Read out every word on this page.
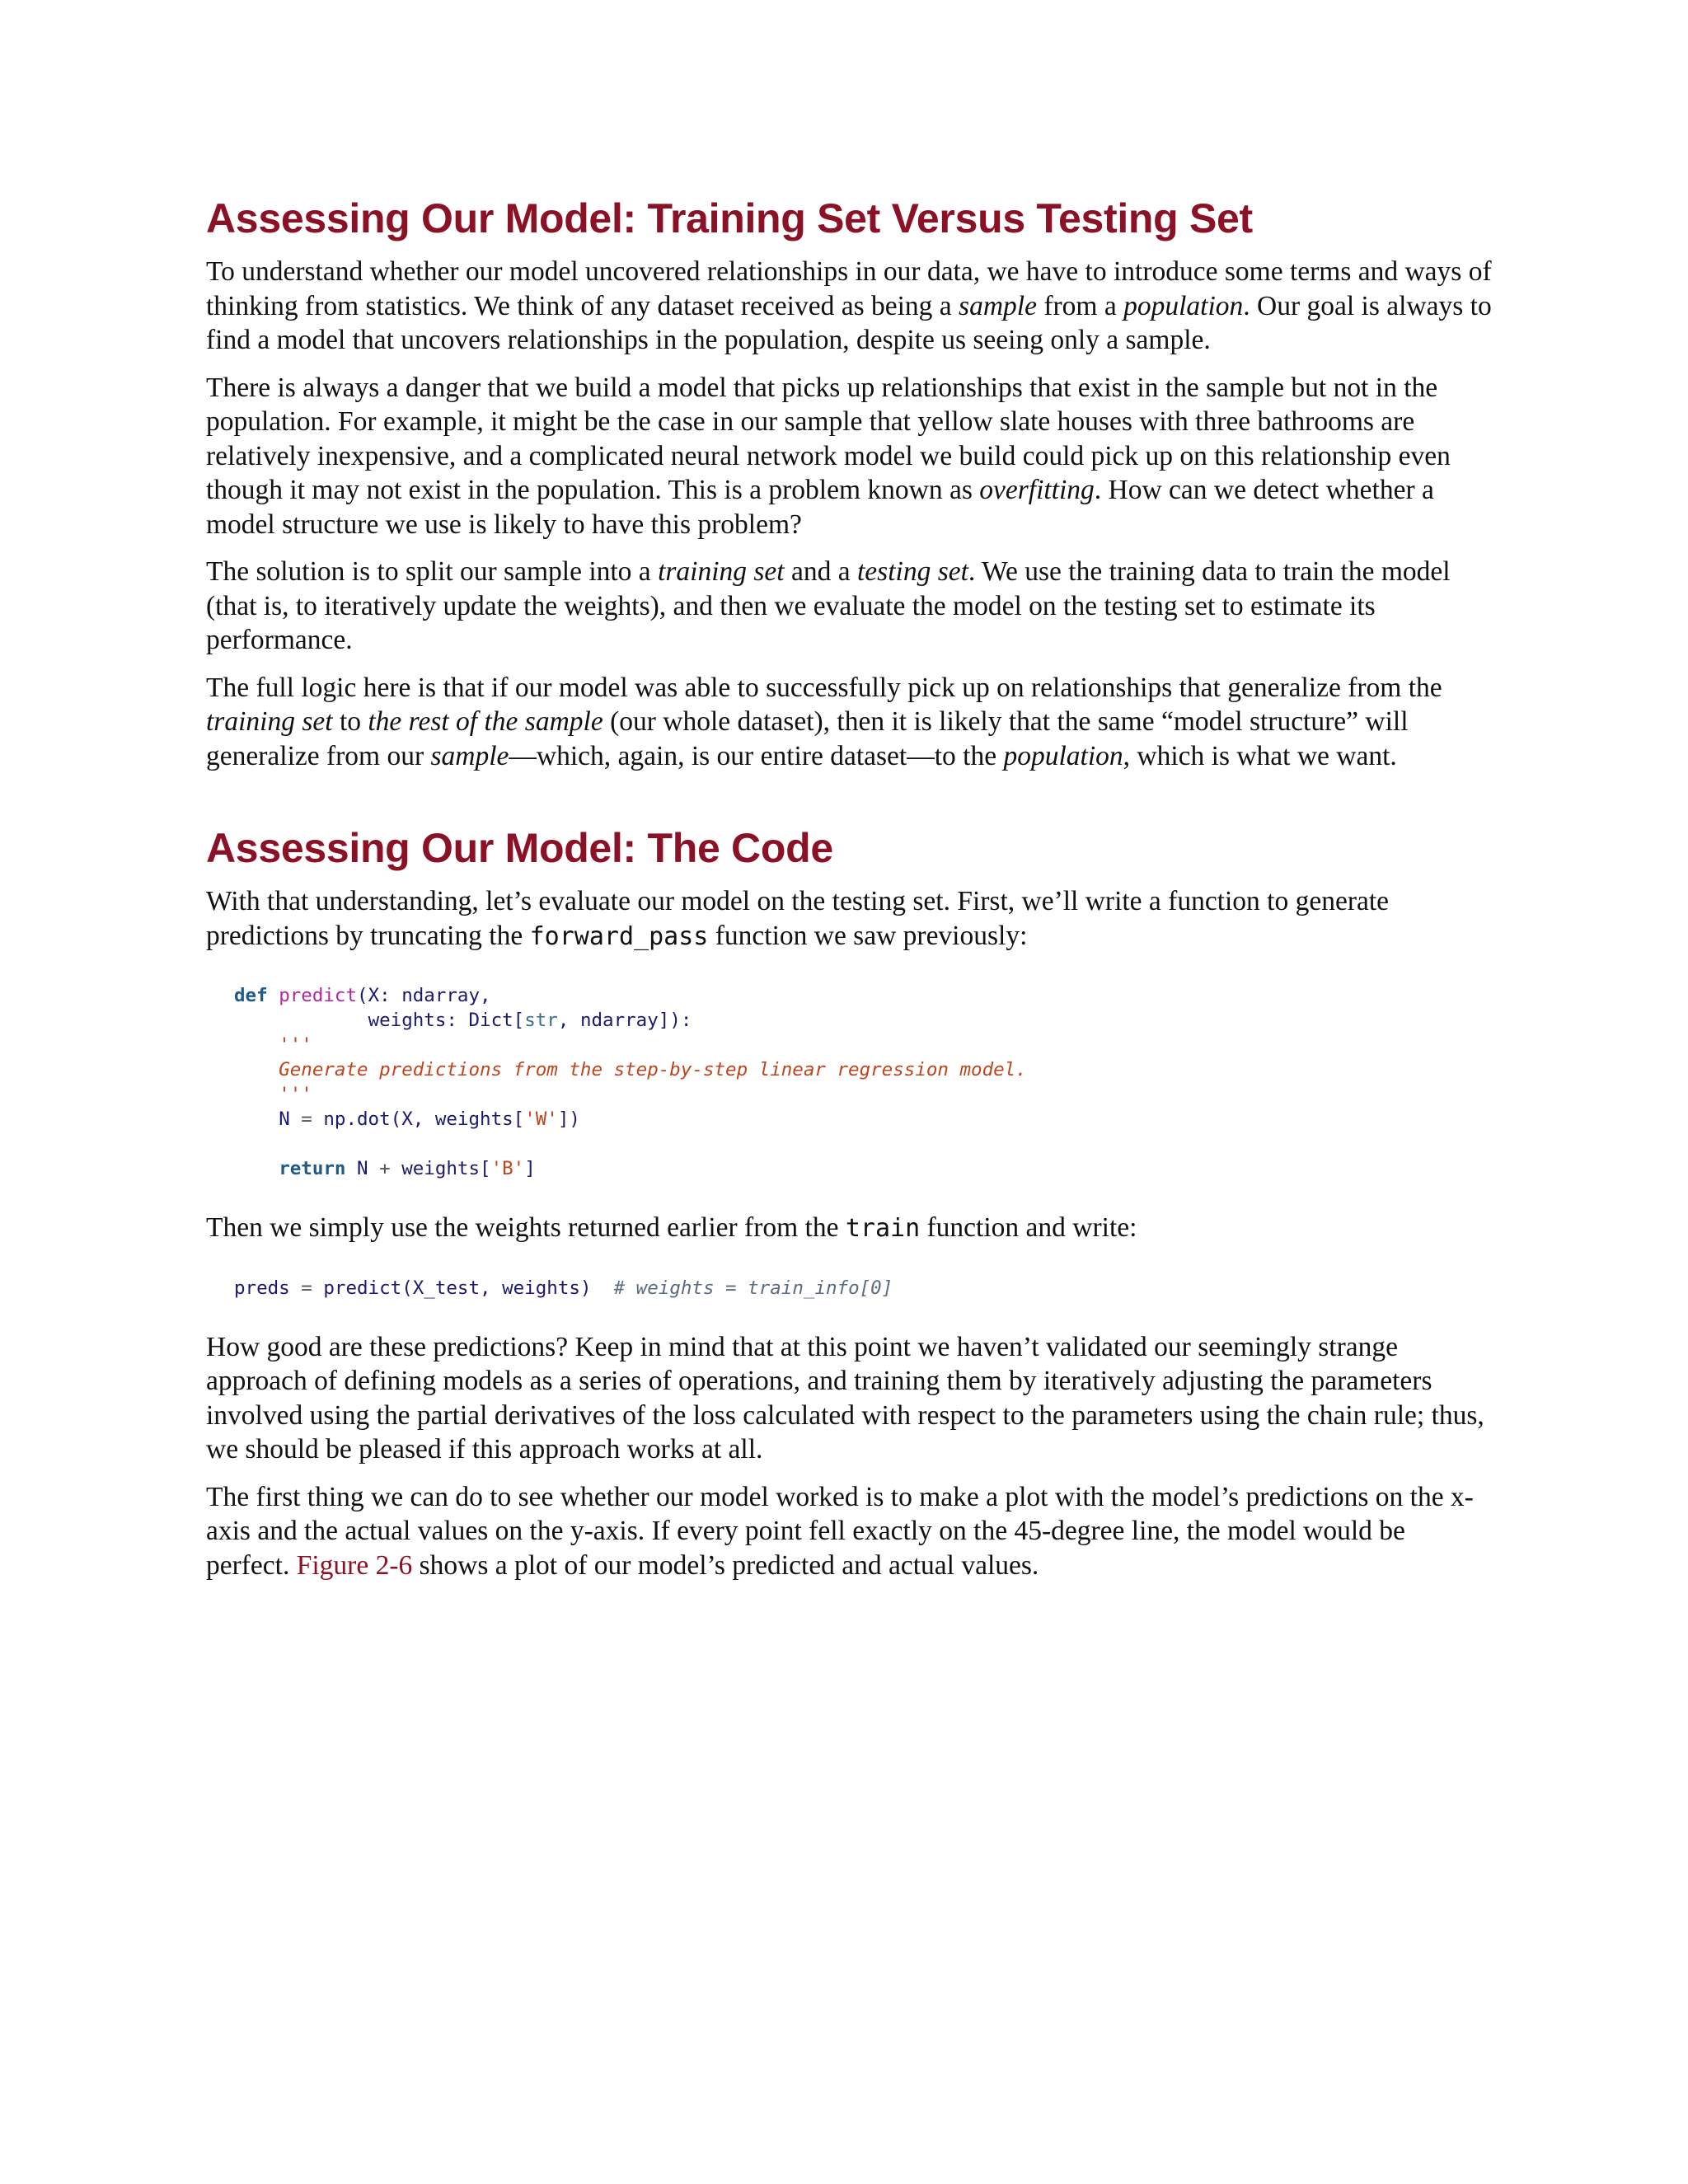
Assessing Our Model: Training Set Versus Testing Set

To understand whether our model uncovered relationships in our data, we have to introduce some terms and ways of thinking from statistics. We think of any dataset received as being a sample from a population. Our goal is always to find a model that uncovers relationships in the population, despite us seeing only a sample.

There is always a danger that we build a model that picks up relationships that exist in the sample but not in the population. For example, it might be the case in our sample that yellow slate houses with three bathrooms are relatively inexpensive, and a complicated neural network model we build could pick up on this relationship even though it may not exist in the population. This is a problem known as overfitting. How can we detect whether a model structure we use is likely to have this problem?

The solution is to split our sample into a training set and a testing set. We use the training data to train the model (that is, to iteratively update the weights), and then we evaluate the model on the testing set to estimate its performance.

The full logic here is that if our model was able to successfully pick up on relationships that generalize from the training set to the rest of the sample (our whole dataset), then it is likely that the same “model structure” will generalize from our sample—which, again, is our entire dataset—to the population, which is what we want.

Assessing Our Model: The Code

With that understanding, let’s evaluate our model on the testing set. First, we’ll write a function to generate predictions by truncating the forward_pass function we saw previously:

def predict(X: ndarray,
weights: Dict[str, ndarray]):
'''
Generate predictions from the step-by-step linear regression model.
'''
N = np.dot(X, weights['W'])

return N + weights['B']

Then we simply use the weights returned earlier from the train function and write:

preds = predict(X_test, weights) # weights = train_info[0]

How good are these predictions? Keep in mind that at this point we haven’t validated our seemingly strange approach of defining models as a series of operations, and training them by iteratively adjusting the parameters involved using the partial derivatives of the loss calculated with respect to the parameters using the chain rule; thus, we should be pleased if this approach works at all.

The first thing we can do to see whether our model worked is to make a plot with the model’s predictions on the x-axis and the actual values on the y-axis. If every point fell exactly on the 45-degree line, the model would be perfect. Figure 2-6 shows a plot of our model’s predicted and actual values.
